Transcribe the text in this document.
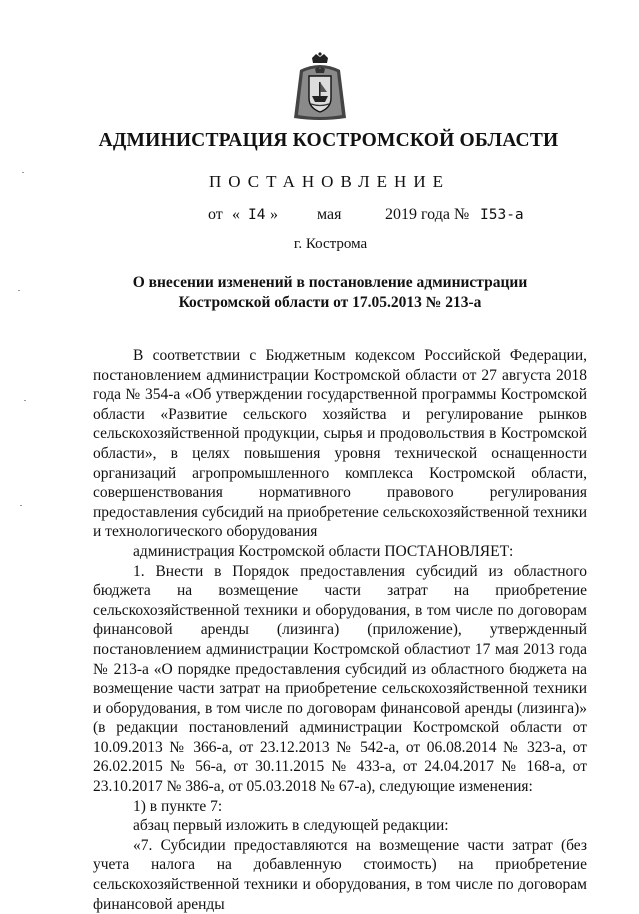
АДМИНИСТРАЦИЯ КОСТРОМСКОЙ ОБЛАСТИ
ПОСТАНОВЛЕНИЕ
от « I4 » мая	2019 года № I53-а
г. Кострома
О внесении изменений в постановление администрации
Костромской области от 17.05.2013 № 213-а

В соответствии с Бюджетным кодексом Российской Федерации, постановлением администрации Костромской области от 27 августа 2018 года № 354-а «Об утверждении государственной программы Костромской области «Развитие сельского хозяйства и регулирование рынков сельскохозяйственной продукции, сырья и продовольствия в Костромской области», в целях повышения уровня технической оснащенности организаций агропромышленного комплекса Костромской области, совершенствования нормативного правового регулирования предоставления субсидий на приобретение сельскохозяйственной техники и технологического оборудования

администрация Костромской области ПОСТАНОВЛЯЕТ:

1. Внести в Порядок предоставления субсидий из областного бюджета на возмещение части затрат на приобретение сельскохозяйственной техники и оборудования, в том числе по договорам финансовой аренды (лизинга) (приложение), утвержденный постановлением администрации Костромской областиот 17 мая 2013 года № 213-а «О порядке предоставления субсидий из областного бюджета на возмещение части затрат на приобретение сельскохозяйственной техники и оборудования, в том числе по договорам финансовой аренды (лизинга)» (в редакции постановлений администрации Костромской области от 10.09.2013 № 366-а, от 23.12.2013 № 542-а, от 06.08.2014 № 323-а, от 26.02.2015 № 56-а, от 30.11.2015 № 433-а, от 24.04.2017 № 168-а, от 23.10.2017 № 386-а, от 05.03.2018 № 67-а), следующие изменения:

1) в пункте 7:

абзац первый изложить в следующей редакции:

«7. Субсидии предоставляются на возмещение части затрат (без учета налога на добавленную стоимость) на приобретение сельскохозяйственной техники и оборудования, в том числе по договорам финансовой аренды
